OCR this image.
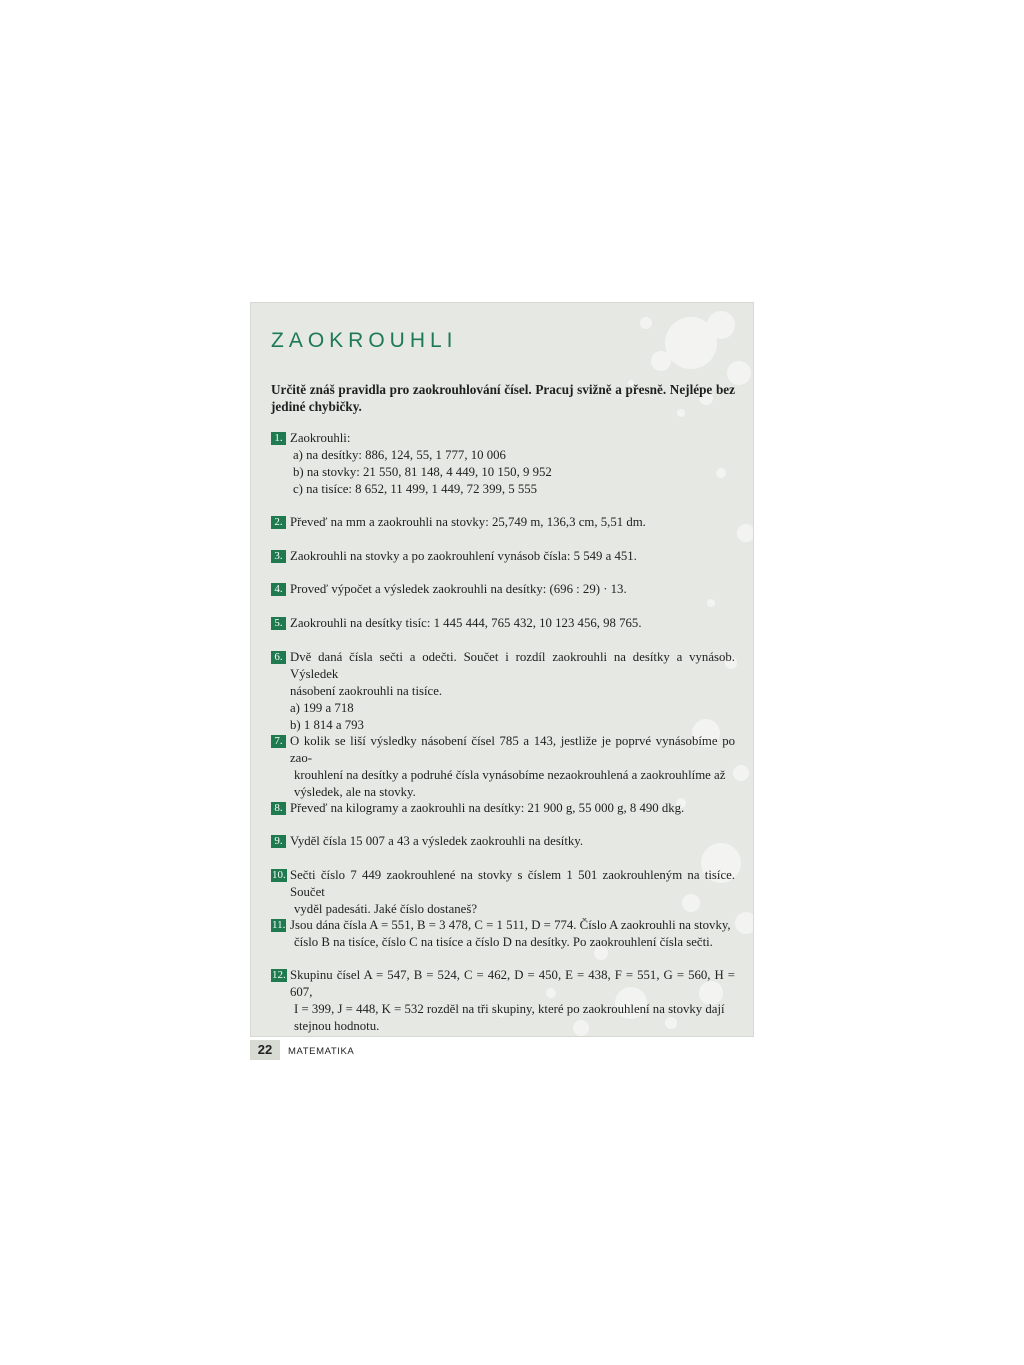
ZAOKROUHLI

Určitě znáš pravidla pro zaokrouhlování čísel. Pracuj svižně a přesně. Nejlépe bez jediné chybičky.

1. Zaokrouhli:
a) na desítky: 886, 124, 55, 1 777, 10 006
b) na stovky: 21 550, 81 148, 4 449, 10 150, 9 952
c) na tisíce: 8 652, 11 499, 1 449, 72 399, 5 555
2. Převeď na mm a zaokrouhli na stovky: 25,749 m, 136,3 cm, 5,51 dm.
3. Zaokrouhli na stovky a po zaokrouhlení vynásob čísla: 5 549 a 451.
4. Proveď výpočet a výsledek zaokrouhli na desítky: (696 : 29) · 13.
5. Zaokrouhli na desítky tisíc: 1 445 444, 765 432, 10 123 456, 98 765.
6. Dvě daná čísla sečti a odečti. Součet i rozdíl zaokrouhli na desítky a vynásob. Výsledek
násobení zaokrouhli na tisíce.
a) 199 a 718
b) 1 814 a 793
7. O kolik se liší výsledky násobení čísel 785 a 143, jestliže je poprvé vynásobíme po zao-
krouhlení na desítky a podruhé čísla vynásobíme nezaokrouhlená a zaokrouhlíme až
výsledek, ale na stovky.
8. Převeď na kilogramy a zaokrouhli na desítky: 21 900 g, 55 000 g, 8 490 dkg.
9. Vyděl čísla 15 007 a 43 a výsledek zaokrouhli na desítky.
10. Sečti číslo 7 449 zaokrouhlené na stovky s číslem 1 501 zaokrouhleným na tisíce. Součet
vyděl padesáti. Jaké číslo dostaneš?
11. Jsou dána čísla A = 551, B = 3 478, C = 1 511, D = 774. Číslo A zaokrouhli na stovky,
číslo B na tisíce, číslo C na tisíce a číslo D na desítky. Po zaokrouhlení čísla sečti.
12. Skupinu čísel A = 547, B = 524, C = 462, D = 450, E = 438, F = 551, G = 560, H = 607,
I = 399, J = 448, K = 532 rozděl na tři skupiny, které po zaokrouhlení na stovky dají
stejnou hodnotu.
22	MATEMATIKA
